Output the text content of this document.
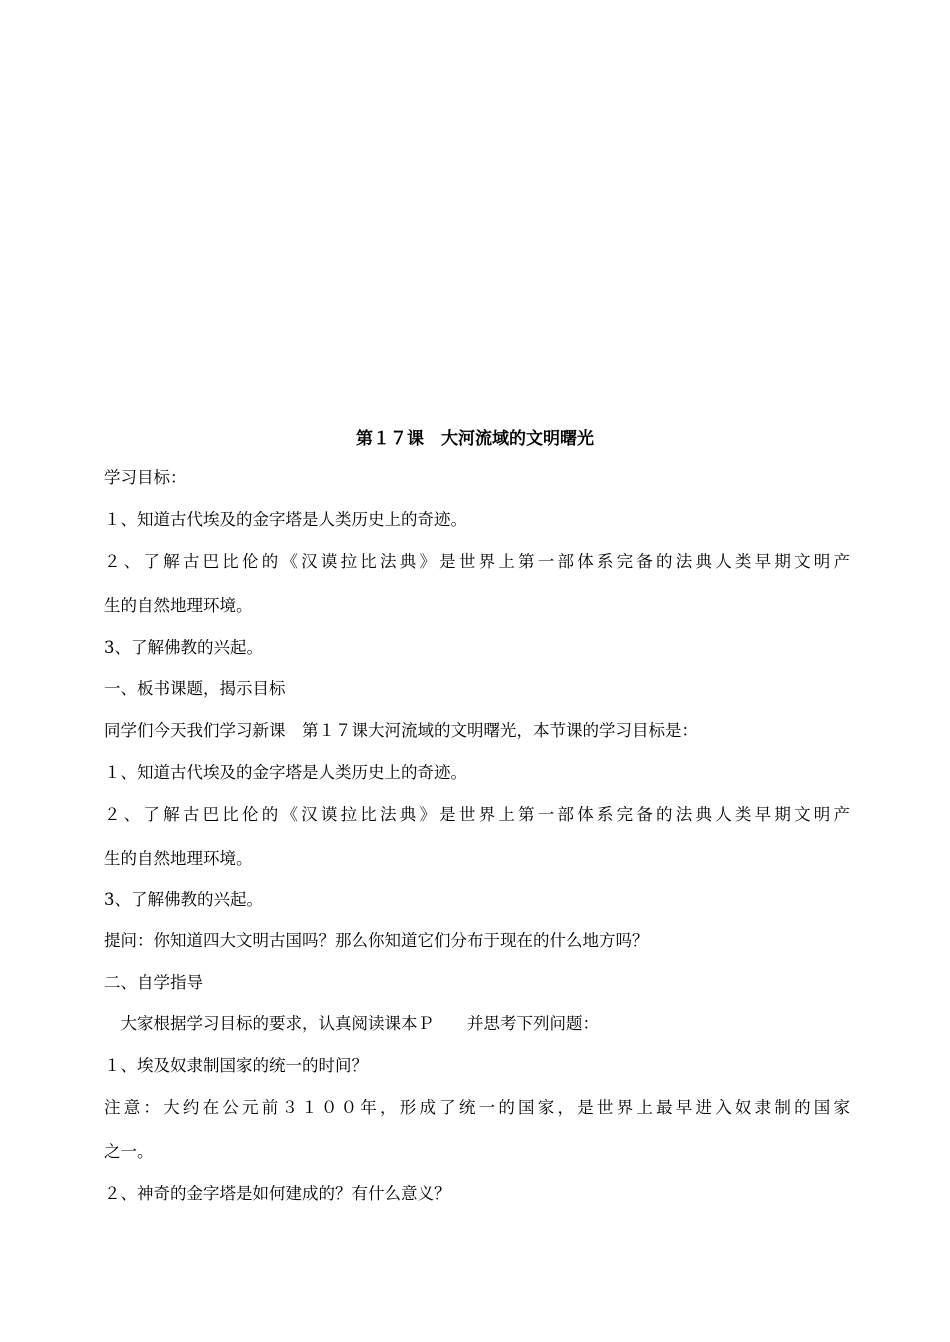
第１７课　大河流域的文明曙光
学习目标：
１、知道古代埃及的金字塔是人类历史上的奇迹。
２、了解古巴比伦的《汉谟拉比法典》是世界上第一部体系完备的法典人类早期文明产
生的自然地理环境。
3、了解佛教的兴起。
一、板书课题，揭示目标
同学们今天我们学习新课　第１７课大河流域的文明曙光，本节课的学习目标是：
１、知道古代埃及的金字塔是人类历史上的奇迹。
２、了解古巴比伦的《汉谟拉比法典》是世界上第一部体系完备的法典人类早期文明产
生的自然地理环境。
3、了解佛教的兴起。
提问：你知道四大文明古国吗？那么你知道它们分布于现在的什么地方吗？
二、自学指导
　大家根据学习目标的要求，认真阅读课本Ｐ　　并思考下列问题：
１、埃及奴隶制国家的统一的时间？
注意：大约在公元前３１００年，形成了统一的国家，是世界上最早进入奴隶制的国家
之一。
２、神奇的金字塔是如何建成的？有什么意义？
